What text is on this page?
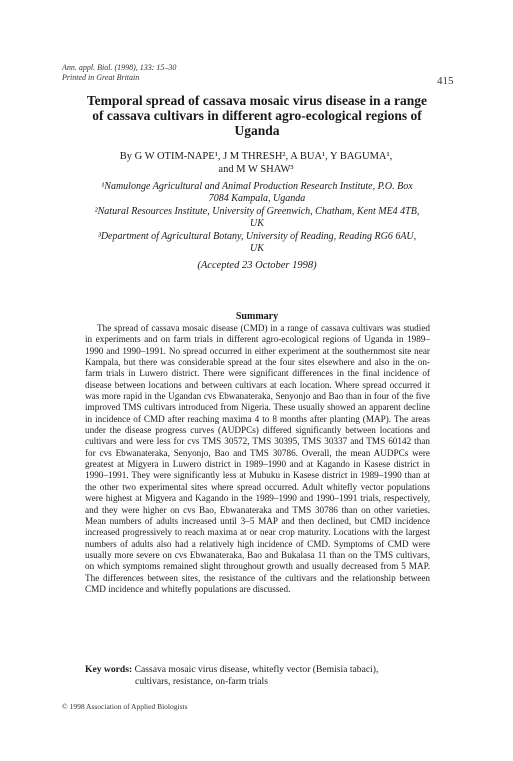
Ann. appl. Biol. (1998), 133: 15–30
Printed in Great Britain	415
Temporal spread of cassava mosaic virus disease in a range of cassava cultivars in different agro-ecological regions of Uganda
By G W OTIM-NAPE¹, J M THRESH², A BUA¹, Y BAGUMA¹,
and M W SHAW³

¹Namulonge Agricultural and Animal Production Research Institute, P.O. Box 7084 Kampala, Uganda

²Natural Resources Institute, University of Greenwich, Chatham, Kent ME4 4TB, UK

³Department of Agricultural Botany, University of Reading, Reading RG6 6AU, UK

(Accepted 23 October 1998)
Summary
The spread of cassava mosaic disease (CMD) in a range of cassava cultivars was studied in experiments and on farm trials in different agro-ecological regions of Uganda in 1989–1990 and 1990–1991. No spread occurred in either experiment at the southernmost site near Kampala, but there was considerable spread at the four sites elsewhere and also in the on-farm trials in Luwero district. There were significant differences in the final incidence of disease between locations and between cultivars at each location. Where spread occurred it was more rapid in the Ugandan cvs Ebwanateraka, Senyonjo and Bao than in four of the five improved TMS cultivars introduced from Nigeria. These usually showed an apparent decline in incidence of CMD after reaching maxima 4 to 8 months after planting (MAP). The areas under the disease progress curves (AUDPCs) differed significantly between locations and cultivars and were less for cvs TMS 30572, TMS 30395, TMS 30337 and TMS 60142 than for cvs Ebwanateraka, Senyonjo, Bao and TMS 30786. Overall, the mean AUDPCs were greatest at Migyera in Luwero district in 1989–1990 and at Kagando in Kasese district in 1990–1991. They were significantly less at Mubuku in Kasese district in 1989–1990 than at the other two experimental sites where spread occurred. Adult whitefly vector populations were highest at Migyera and Kagando in the 1989–1990 and 1990–1991 trials, respectively, and they were higher on cvs Bao, Ebwanateraka and TMS 30786 than on other varieties. Mean numbers of adults increased until 3–5 MAP and then declined, but CMD incidence increased progressively to reach maxima at or near crop maturity. Locations with the largest numbers of adults also had a relatively high incidence of CMD. Symptoms of CMD were usually more severe on cvs Ebwanateraka, Bao and Bukalasa 11 than on the TMS cultivars, on which symptoms remained slight throughout growth and usually decreased from 5 MAP. The differences between sites, the resistance of the cultivars and the relationship between CMD incidence and whitefly populations are discussed.
Key words: Cassava mosaic virus disease, whitefly vector (Bemisia tabaci),
cultivars, resistance, on-farm trials
© 1998 Association of Applied Biologists
